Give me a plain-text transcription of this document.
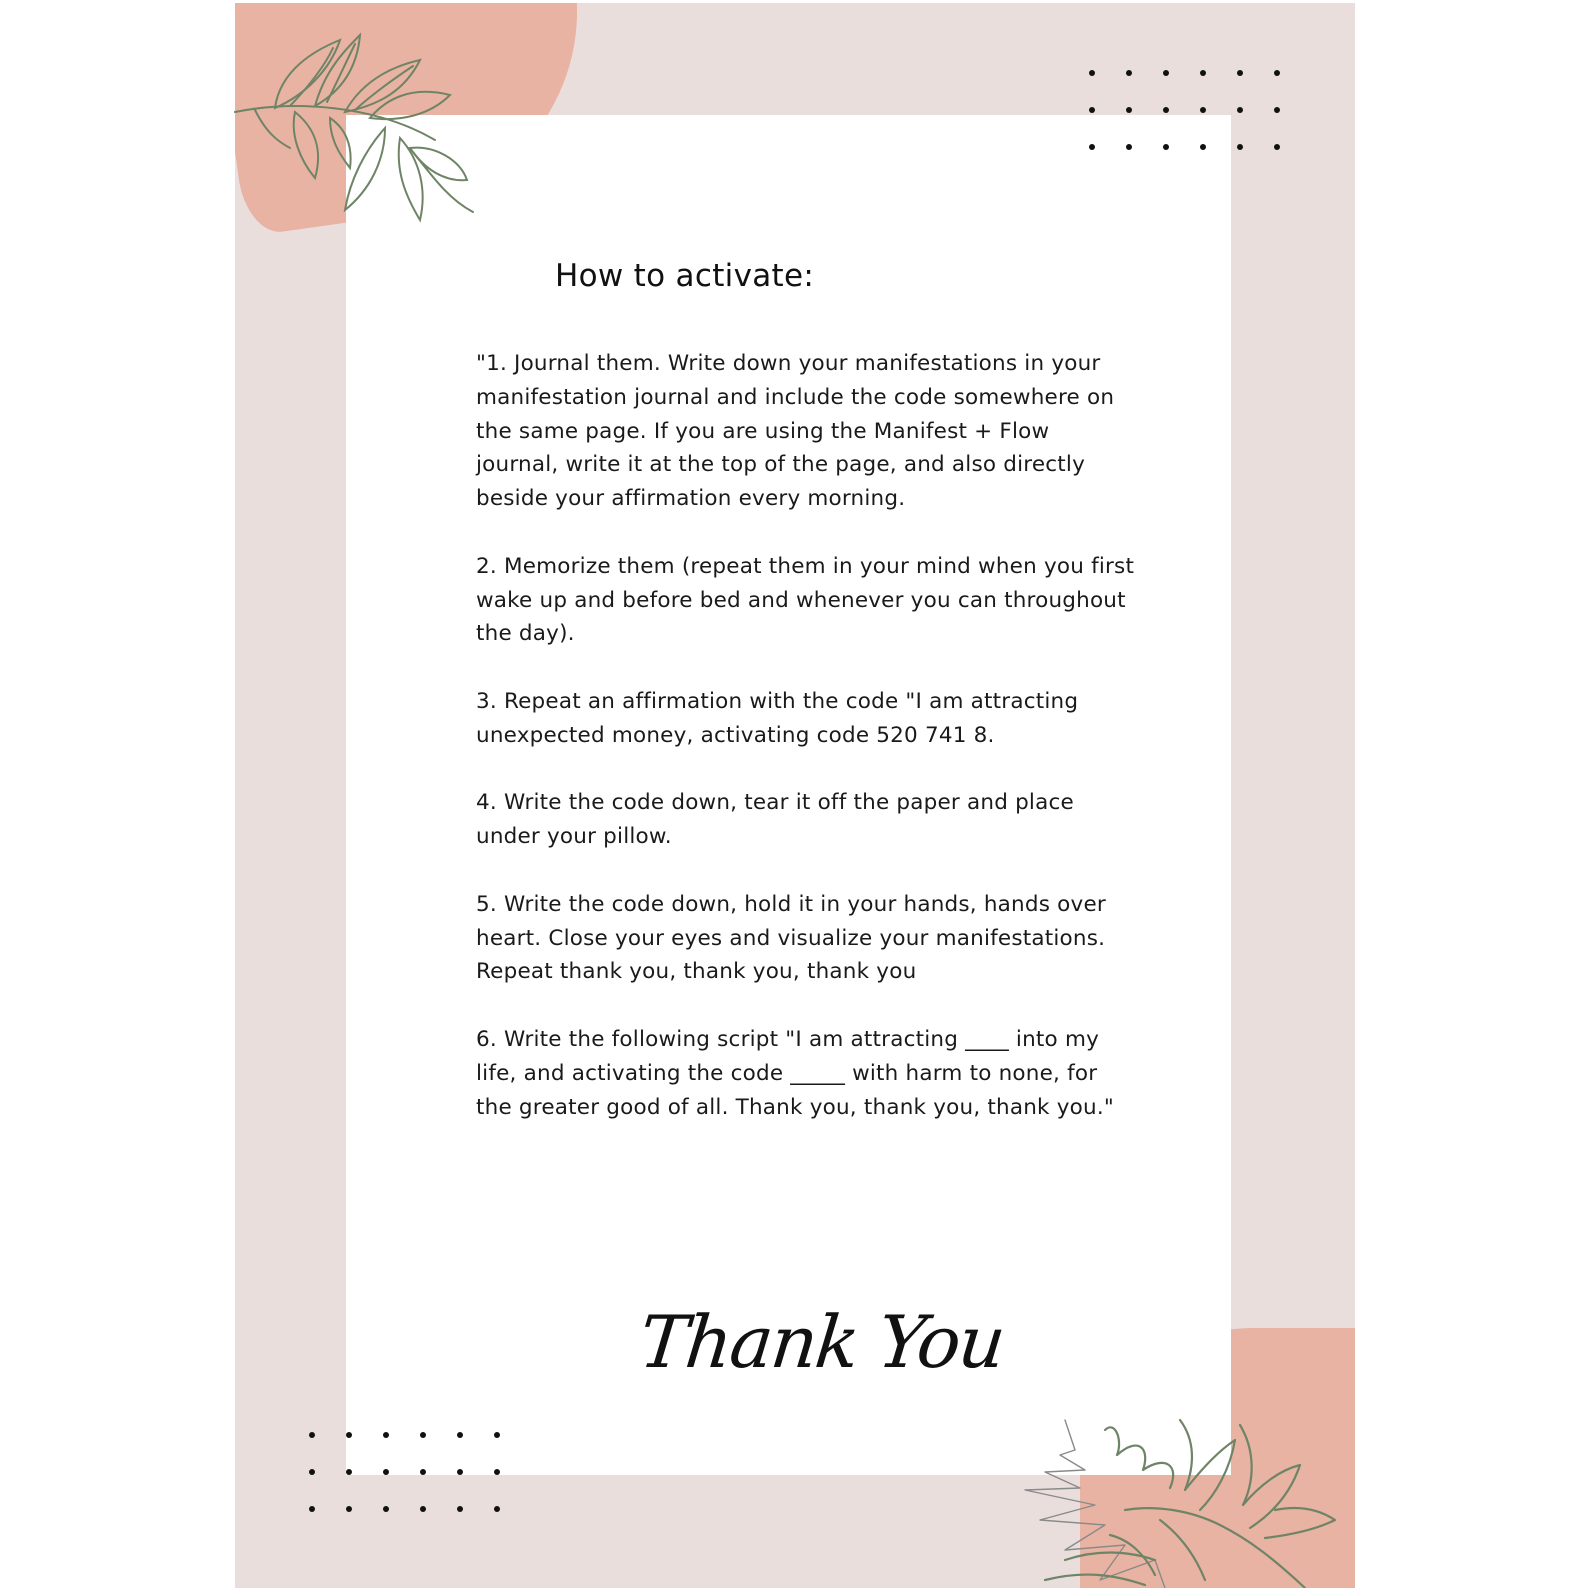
How to activate:

"1. Journal them. Write down your manifestations in your manifestation journal and include the code somewhere on the same page. If you are using the Manifest + Flow journal, write it at the top of the page, and also directly beside your affirmation every morning.

2. Memorize them (repeat them in your mind when you first wake up and before bed and whenever you can throughout the day).

3. Repeat an affirmation with the code "I am attracting unexpected money, activating code 520 741 8.

4. Write the code down, tear it off the paper and place under your pillow.

5. Write the code down, hold it in your hands, hands over heart. Close your eyes and visualize your manifestations. Repeat thank you, thank you, thank you

6. Write the following script "I am attracting ____ into my life, and activating the code _____ with harm to none, for the greater good of all. Thank you, thank you, thank you."

Thank You
